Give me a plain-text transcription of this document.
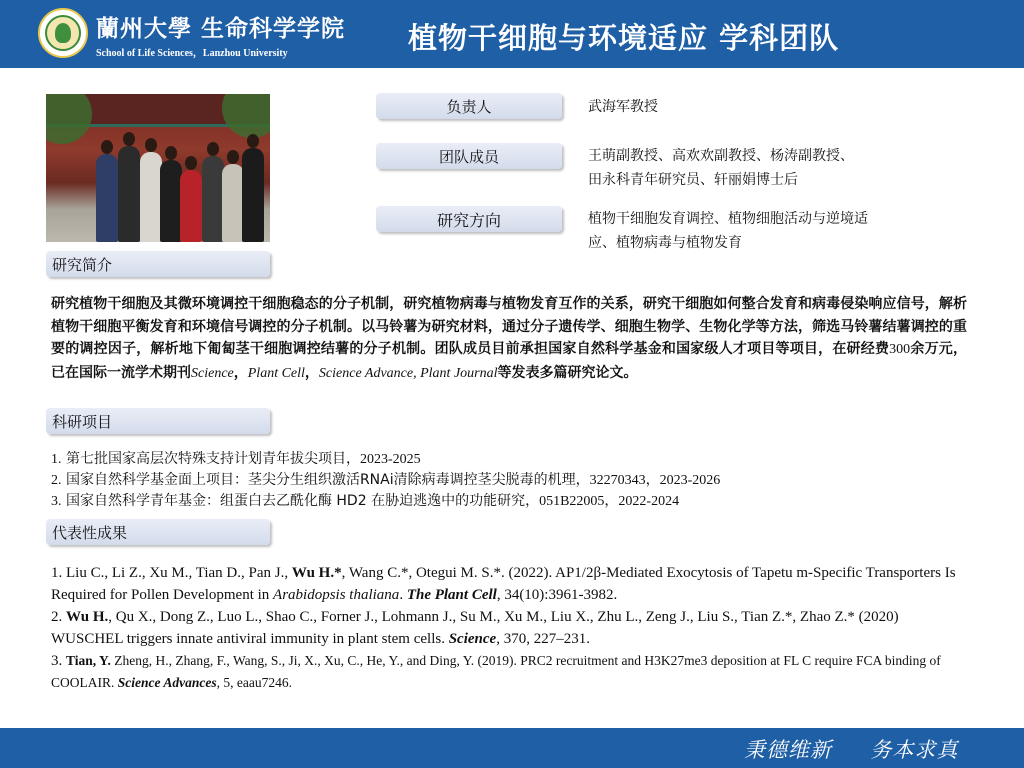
蘭州大學 生命科学学院
School of Life Sciences，Lanzhou University	植物干细胞与环境适应 学科团队
负责人	武海军教授
团队成员	王萌副教授、高欢欢副教授、杨涛副教授、
田永科青年研究员、轩丽娟博士后
研究方向	植物干细胞发育调控、植物细胞活动与逆境适
应、植物病毒与植物发育
研究简介
研究植物干细胞及其微环境调控干细胞稳态的分子机制，研究植物病毒与植物发育互作的关系，研究干细胞如何整合发育和病毒侵染响应信号，解析植物干细胞平衡发育和环境信号调控的分子机制。以马铃薯为研究材料，通过分子遗传学、细胞生物学、生物化学等方法，筛选马铃薯结薯调控的重要的调控因子，解析地下匍匐茎干细胞调控结薯的分子机制。团队成员目前承担国家自然科学基金和国家级人才项目等项目，在研经费300余万元，已在国际一流学术期刊Science，Plant Cell，Science Advance, Plant Journal等发表多篇研究论文。
科研项目
1. 第七批国家高层次特殊支持计划青年拔尖项目，2023-2025
2. 国家自然科学基金面上项目：茎尖分生组织激活RNAi清除病毒调控茎尖脱毒的机理，32270343，2023-2026
3. 国家自然科学青年基金：组蛋白去乙酰化酶 HD2 在胁迫逃逸中的功能研究，051B22005，2022-2024
代表性成果
1. Liu C., Li Z., Xu M., Tian D., Pan J., Wu H.*, Wang C.*, Otegui M. S.*. (2022). AP1/2β-Mediated Exocytosis of Tapetu m-Specific Transporters Is Required for Pollen Development in Arabidopsis thaliana. The Plant Cell, 34(10):3961-3982.
2. Wu H., Qu X., Dong Z., Luo L., Shao C., Forner J., Lohmann J., Su M., Xu M., Liu X., Zhu L., Zeng J., Liu S., Tian Z.*, Zhao Z.* (2020) WUSCHEL triggers innate antiviral immunity in plant stem cells. Science, 370, 227–231.
3. Tian, Y. Zheng, H., Zhang, F., Wang, S., Ji, X., Xu, C., He, Y., and Ding, Y. (2019). PRC2 recruitment and H3K27me3 deposition at FL C require FCA binding of COOLAIR. Science Advances, 5, eaau7246.
秉德维新     务本求真
